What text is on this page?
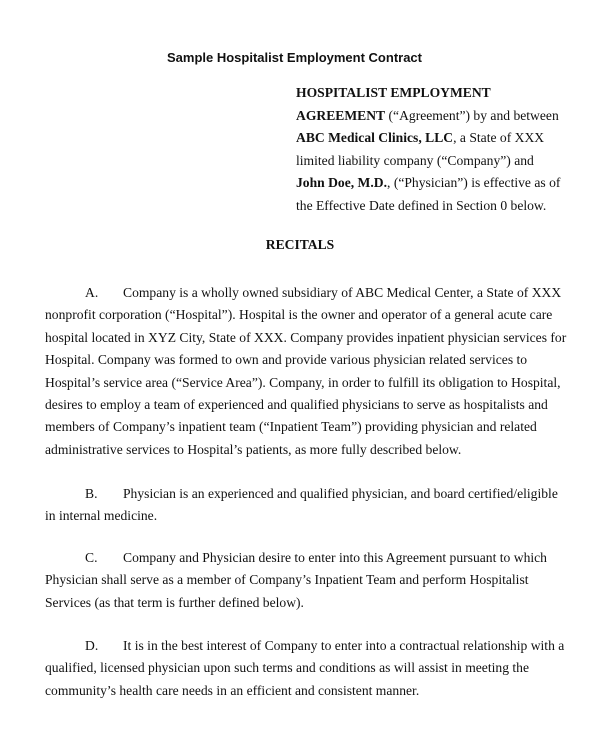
Sample Hospitalist Employment Contract
HOSPITALIST EMPLOYMENT
AGREEMENT (“Agreement”) by and between
ABC Medical Clinics, LLC, a State of XXX
limited liability company (“Company”) and
John Doe, M.D., (“Physician”) is effective as of
the Effective Date defined in Section 0 below.
RECITALS
A. Company is a wholly owned subsidiary of ABC Medical Center, a State of XXX
nonprofit corporation (“Hospital”). Hospital is the owner and operator of a general acute care
hospital located in XYZ City, State of XXX. Company provides inpatient physician services for
Hospital. Company was formed to own and provide various physician related services to
Hospital’s service area (“Service Area”). Company, in order to fulfill its obligation to Hospital,
desires to employ a team of experienced and qualified physicians to serve as hospitalists and
members of Company’s inpatient team (“Inpatient Team”) providing physician and related
administrative services to Hospital’s patients, as more fully described below.
B. Physician is an experienced and qualified physician, and board certified/eligible
in internal medicine.
C. Company and Physician desire to enter into this Agreement pursuant to which
Physician shall serve as a member of Company’s Inpatient Team and perform Hospitalist
Services (as that term is further defined below).
D. It is in the best interest of Company to enter into a contractual relationship with a
qualified, licensed physician upon such terms and conditions as will assist in meeting the
community’s health care needs in an efficient and consistent manner.
